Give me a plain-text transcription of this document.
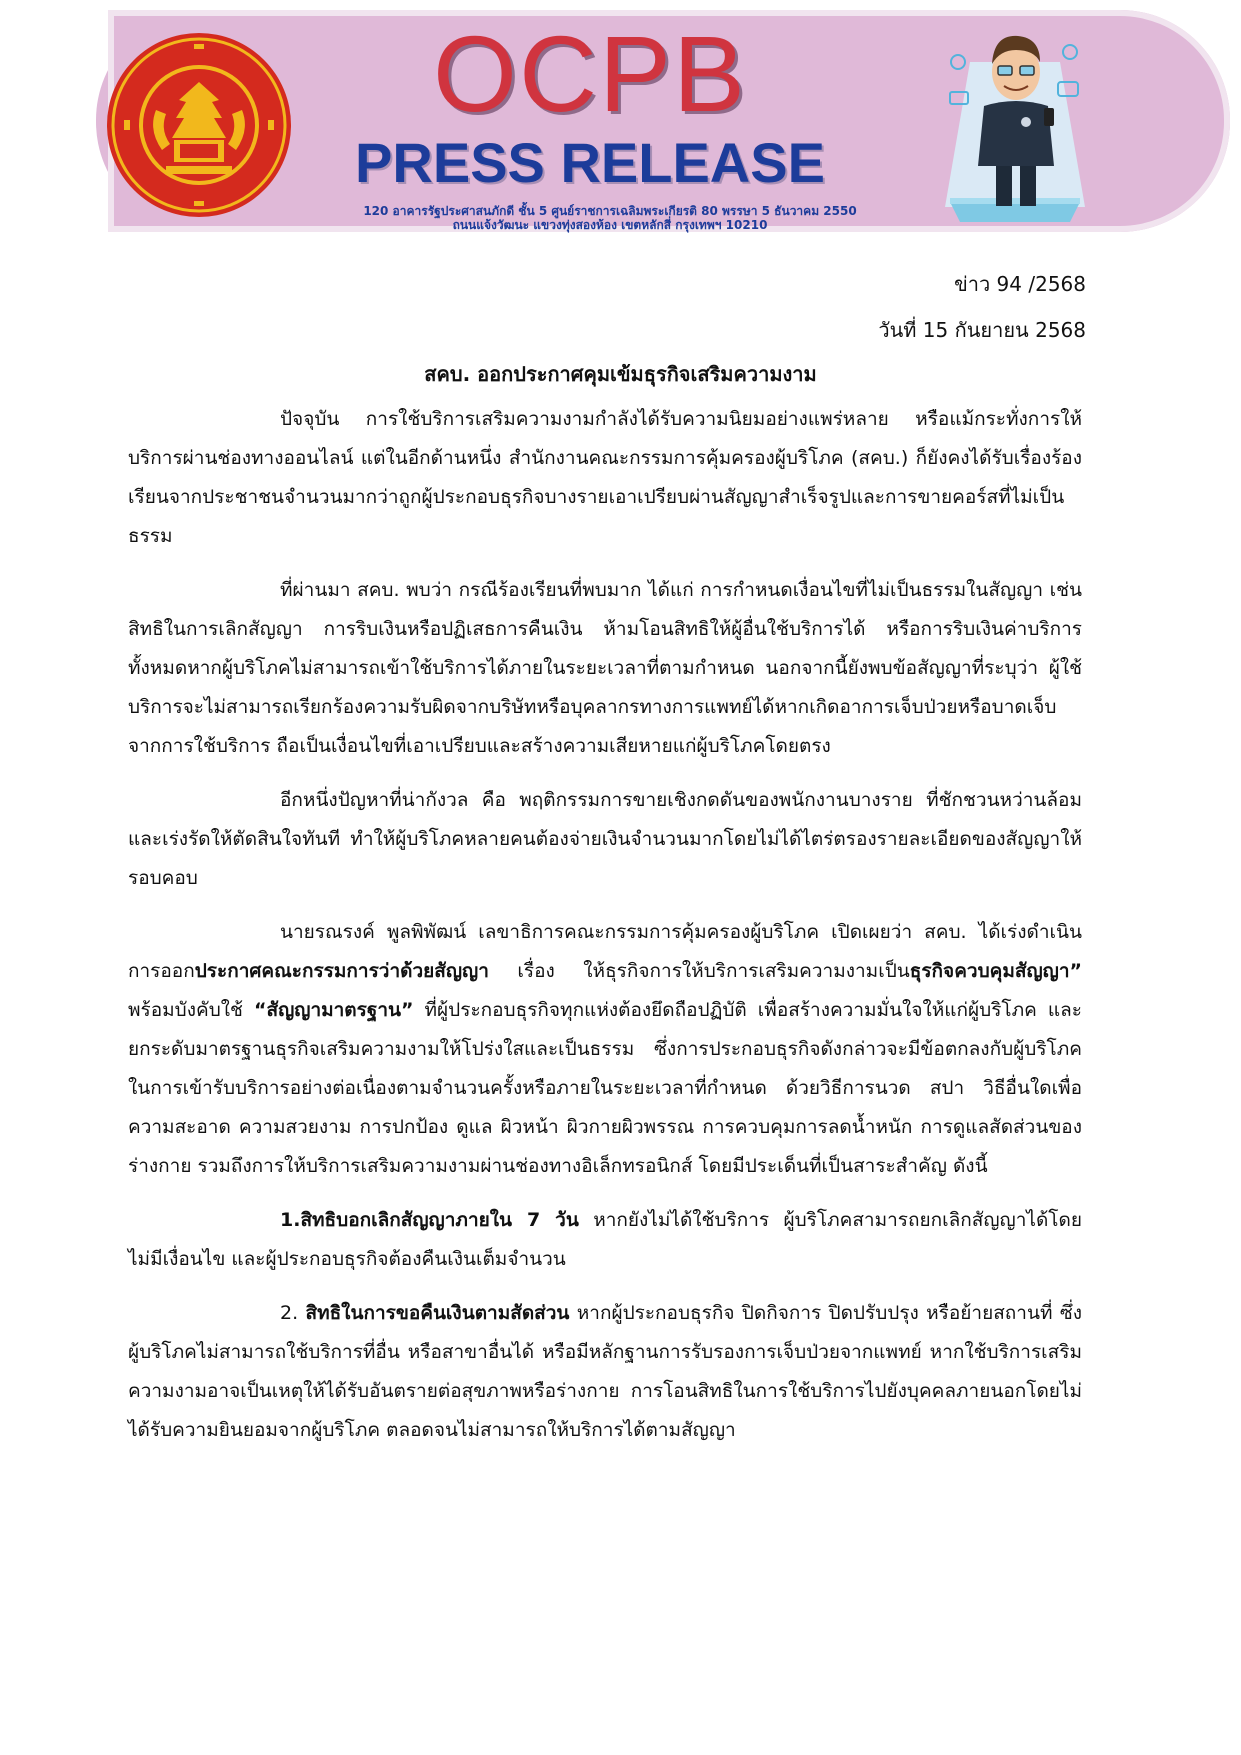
OCPB
PRESS RELEASE
120 อาคารรัฐประศาสนภักดี ชั้น 5 ศูนย์ราชการเฉลิมพระเกียรติ 80 พรรษา 5 ธันวาคม 2550
ถนนแจ้งวัฒนะ แขวงทุ่งสองห้อง เขตหลักสี่ กรุงเทพฯ 10210
ข่าว 94 /2568
วันที่ 15 กันยายน 2568
สคบ. ออกประกาศคุมเข้มธุรกิจเสริมความงาม

ปัจจุบัน การใช้บริการเสริมความงามกำลังได้รับความนิยมอย่างแพร่หลาย หรือแม้กระทั่งการให้บริการผ่านช่องทางออนไลน์ แต่ในอีกด้านหนึ่ง สำนักงานคณะกรรมการคุ้มครองผู้บริโภค (สคบ.) ก็ยังคงได้รับเรื่องร้องเรียนจากประชาชนจำนวนมากว่าถูกผู้ประกอบธุรกิจบางรายเอาเปรียบผ่านสัญญาสำเร็จรูปและการขายคอร์สที่ไม่เป็นธรรม

ที่ผ่านมา สคบ. พบว่า กรณีร้องเรียนที่พบมาก ได้แก่ การกำหนดเงื่อนไขที่ไม่เป็นธรรมในสัญญา เช่น สิทธิในการเลิกสัญญา การริบเงินหรือปฏิเสธการคืนเงิน ห้ามโอนสิทธิให้ผู้อื่นใช้บริการได้ หรือการริบเงินค่าบริการทั้งหมดหากผู้บริโภคไม่สามารถเข้าใช้บริการได้ภายในระยะเวลาที่ตามกำหนด นอกจากนี้ยังพบข้อสัญญาที่ระบุว่า ผู้ใช้บริการจะไม่สามารถเรียกร้องความรับผิดจากบริษัทหรือบุคลากรทางการแพทย์ได้หากเกิดอาการเจ็บป่วยหรือบาดเจ็บจากการใช้บริการ ถือเป็นเงื่อนไขที่เอาเปรียบและสร้างความเสียหายแก่ผู้บริโภคโดยตรง

อีกหนึ่งปัญหาที่น่ากังวล คือ พฤติกรรมการขายเชิงกดดันของพนักงานบางราย ที่ชักชวนหว่านล้อม และเร่งรัดให้ตัดสินใจทันที ทำให้ผู้บริโภคหลายคนต้องจ่ายเงินจำนวนมากโดยไม่ได้ไตร่ตรองรายละเอียดของสัญญาให้รอบคอบ

นายรณรงค์ พูลพิพัฒน์ เลขาธิการคณะกรรมการคุ้มครองผู้บริโภค เปิดเผยว่า สคบ. ได้เร่งดำเนินการออกประกาศคณะกรรมการว่าด้วยสัญญา เรื่อง ให้ธุรกิจการให้บริการเสริมความงามเป็นธุรกิจควบคุมสัญญา” พร้อมบังคับใช้ “สัญญามาตรฐาน” ที่ผู้ประกอบธุรกิจทุกแห่งต้องยึดถือปฏิบัติ เพื่อสร้างความมั่นใจให้แก่ผู้บริโภค และยกระดับมาตรฐานธุรกิจเสริมความงามให้โปร่งใสและเป็นธรรม ซึ่งการประกอบธุรกิจดังกล่าวจะมีข้อตกลงกับผู้บริโภคในการเข้ารับบริการอย่างต่อเนื่องตามจำนวนครั้งหรือภายในระยะเวลาที่กำหนด ด้วยวิธีการนวด สปา วิธีอื่นใดเพื่อความสะอาด ความสวยงาม การปกป้อง ดูแล ผิวหน้า ผิวกายผิวพรรณ การควบคุมการลดน้ำหนัก การดูแลสัดส่วนของร่างกาย รวมถึงการให้บริการเสริมความงามผ่านช่องทางอิเล็กทรอนิกส์ โดยมีประเด็นที่เป็นสาระสำคัญ ดังนี้

1.สิทธิบอกเลิกสัญญาภายใน 7 วัน หากยังไม่ได้ใช้บริการ ผู้บริโภคสามารถยกเลิกสัญญาได้โดยไม่มีเงื่อนไข และผู้ประกอบธุรกิจต้องคืนเงินเต็มจำนวน

2. สิทธิในการขอคืนเงินตามสัดส่วน หากผู้ประกอบธุรกิจ ปิดกิจการ ปิดปรับปรุง หรือย้ายสถานที่ ซึ่งผู้บริโภคไม่สามารถใช้บริการที่อื่น หรือสาขาอื่นได้ หรือมีหลักฐานการรับรองการเจ็บป่วยจากแพทย์ หากใช้บริการเสริมความงามอาจเป็นเหตุให้ได้รับอันตรายต่อสุขภาพหรือร่างกาย การโอนสิทธิในการใช้บริการไปยังบุคคลภายนอกโดยไม่ได้รับความยินยอมจากผู้บริโภค ตลอดจนไม่สามารถให้บริการได้ตามสัญญา
